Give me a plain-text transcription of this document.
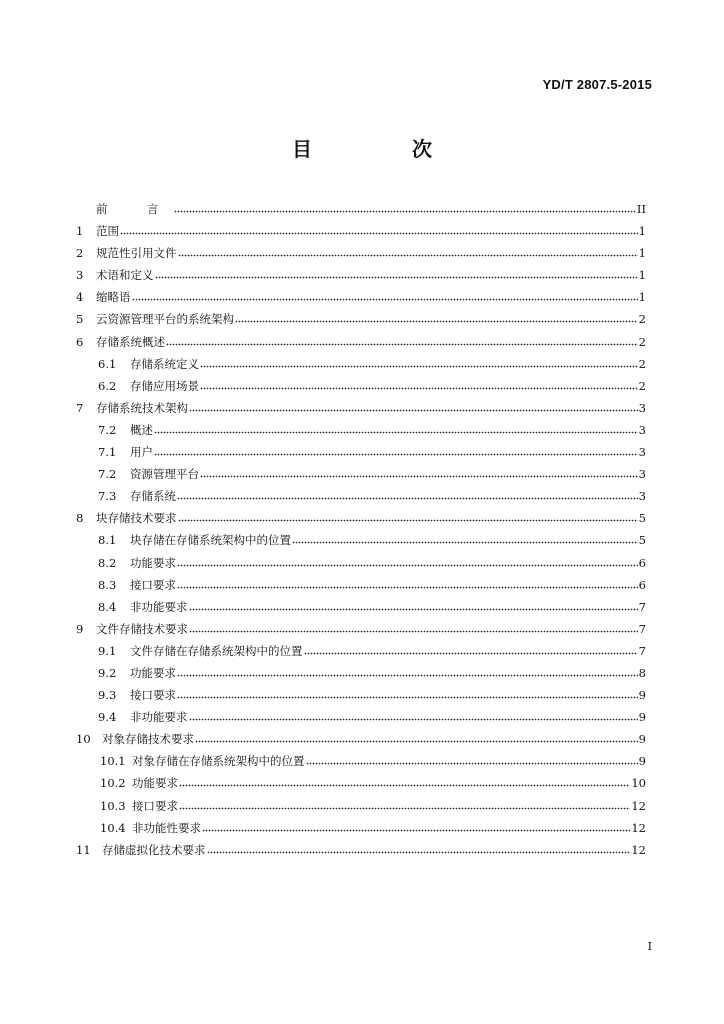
YD/T 2807.5-2015
目　次
前　言	II
1	范围	1
2	规范性引用文件	1
3	术语和定义	1
4	缩略语	1
5	云资源管理平台的系统架构	2
6	存储系统概述	2
6.1	存储系统定义	2
6.2	存储应用场景	2
7	存储系统技术架构	3
7.2	概述	3
7.1	用户	3
7.2	资源管理平台	3
7.3	存储系统	3
8	块存储技术要求	5
8.1	块存储在存储系统架构中的位置	5
8.2	功能要求	6
8.3	接口要求	6
8.4	非功能要求	7
9	文件存储技术要求	7
9.1	文件存储在存储系统架构中的位置	7
9.2	功能要求	8
9.3	接口要求	9
9.4	非功能要求	9
10 对象存储技术要求	9
10.1 对象存储在存储系统架构中的位置	9
10.2 功能要求	10
10.3 接口要求	12
10.4 非功能性要求	12
11 存储虚拟化技术要求	12
I
